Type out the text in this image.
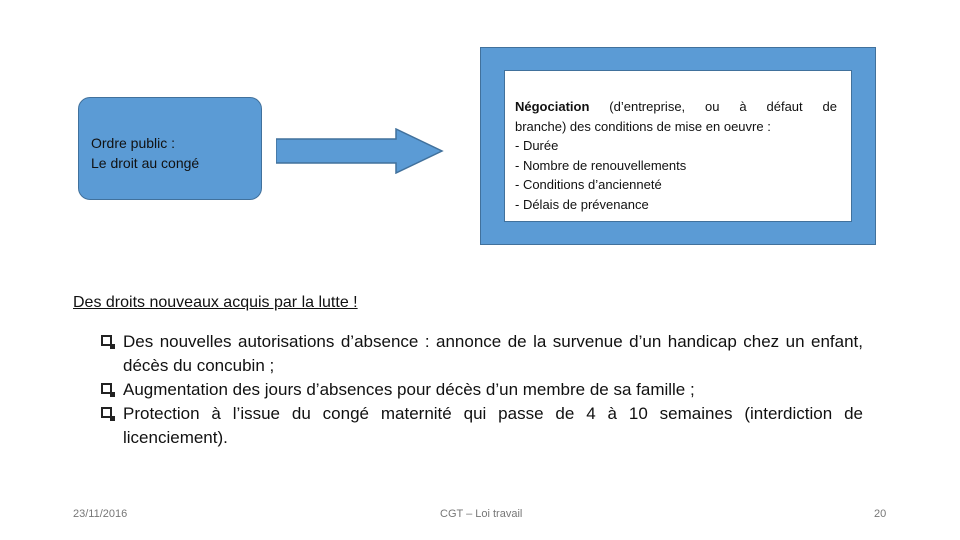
Ordre public :
Le droit au congé
Négociation (d’entreprise, ou à défaut de
branche) des conditions de mise en oeuvre :
- Durée
- Nombre de renouvellements
- Conditions d’ancienneté
- Délais de prévenance
Des droits nouveaux acquis par la lutte !
Des nouvelles autorisations d’absence : annonce de la survenue d’un handicap chez un enfant, décès du concubin ;
Augmentation des jours d’absences pour décès d’un membre de sa famille ;
Protection à l’issue du congé maternité qui passe de 4 à 10 semaines (interdiction de licenciement).
23/11/2016	CGT – Loi travail	20
